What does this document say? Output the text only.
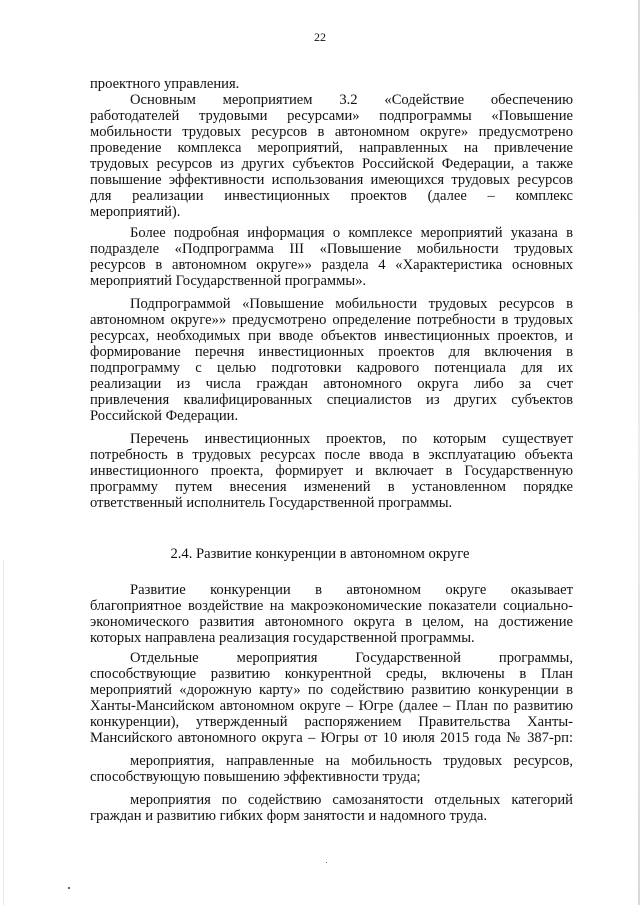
22
проектного управления.
Основным мероприятием 3.2 «Содействие обеспечению
работодателей трудовыми ресурсами» подпрограммы «Повышение
мобильности трудовых ресурсов в автономном округе» предусмотрено
проведение комплекса мероприятий, направленных на привлечение
трудовых ресурсов из других субъектов Российской Федерации, а также
повышение эффективности использования имеющихся трудовых ресурсов
для реализации инвестиционных проектов (далее – комплекс
мероприятий).
Более подробная информация о комплексе мероприятий указана в
подразделе «Подпрограмма III «Повышение мобильности трудовых
ресурсов в автономном округе»» раздела 4 «Характеристика основных
мероприятий Государственной программы».
Подпрограммой «Повышение мобильности трудовых ресурсов в
автономном округе»» предусмотрено определение потребности в трудовых
ресурсах, необходимых при вводе объектов инвестиционных проектов, и
формирование перечня инвестиционных проектов для включения в
подпрограмму с целью подготовки кадрового потенциала для их
реализации из числа граждан автономного округа либо за счет
привлечения квалифицированных специалистов из других субъектов
Российской Федерации.
Перечень инвестиционных проектов, по которым существует
потребность в трудовых ресурсах после ввода в эксплуатацию объекта
инвестиционного проекта, формирует и включает в Государственную
программу путем внесения изменений в установленном порядке
ответственный исполнитель Государственной программы.
Развитие конкуренции в автономном округе оказывает
благоприятное воздействие на макроэкономические показатели социально-
экономического развития автономного округа в целом, на достижение
которых направлена реализация государственной программы.
Отдельные мероприятия Государственной программы,
способствующие развитию конкурентной среды, включены в План
мероприятий «дорожную карту» по содействию развитию конкуренции в
Ханты-Мансийском автономном округе – Югре (далее – План по развитию
конкуренции), утвержденный распоряжением Правительства Ханты-
Мансийского автономного округа – Югры от 10 июля 2015 года № 387-рп:
мероприятия, направленные на мобильность трудовых ресурсов,
способствующую повышению эффективности труда;
мероприятия по содействию самозанятости отдельных категорий
граждан и развитию гибких форм занятости и надомного труда.
2.4. Развитие конкуренции в автономном округе
